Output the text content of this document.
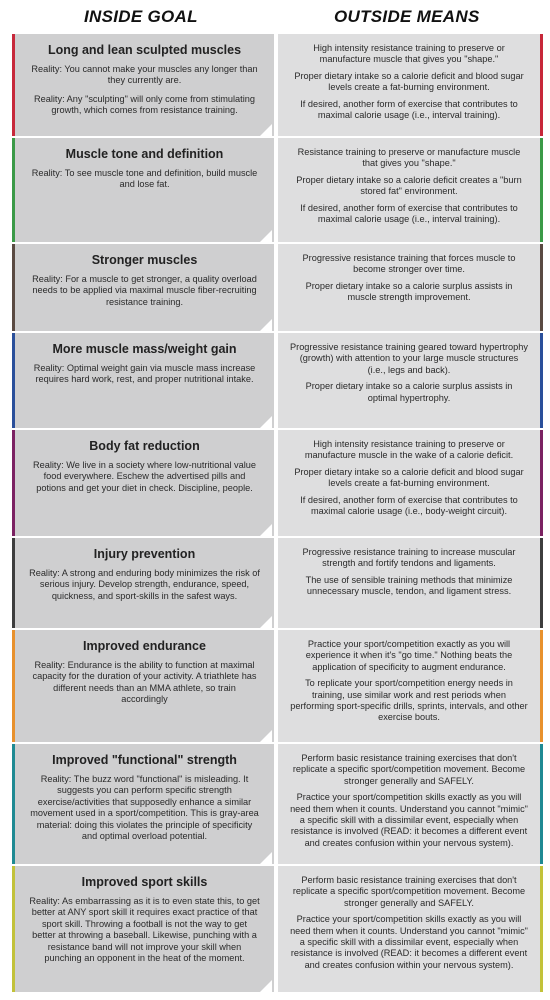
INSIDE GOAL	OUTSIDE MEANS
Long and lean sculpted muscles

Reality: You cannot make your muscles any longer than they currently are.

Reality: Any "sculpting" will only come from stimulating growth, which comes from resistance training.

High intensity resistance training to preserve or manufacture muscle that gives you "shape."

Proper dietary intake so a calorie deficit and blood sugar levels create a fat-burning environment.

If desired, another form of exercise that contributes to maximal calorie usage (i.e., interval training).

Muscle tone and definition

Reality: To see muscle tone and definition, build muscle and lose fat.

Resistance training to preserve or manufacture muscle that gives you "shape."

Proper dietary intake so a calorie deficit creates a "burn stored fat" environment.

If desired, another form of exercise that contributes to maximal calorie usage (i.e., interval training).

Stronger muscles

Reality: For a muscle to get stronger, a quality overload needs to be applied via maximal muscle fiber-recruiting resistance training.

Progressive resistance training that forces muscle to become stronger over time.

Proper dietary intake so a calorie surplus assists in muscle strength improvement.

More muscle mass/weight gain

Reality: Optimal weight gain via muscle mass increase requires hard work, rest, and proper nutritional intake.

Progressive resistance training geared toward hypertrophy (growth) with attention to your large muscle structures (i.e., legs and back).

Proper dietary intake so a calorie surplus assists in optimal hypertrophy.

Body fat reduction

Reality: We live in a society where low-nutritional value food everywhere. Eschew the advertised pills and potions and get your diet in check. Discipline, people.

High intensity resistance training to preserve or manufacture muscle in the wake of a calorie deficit.

Proper dietary intake so a calorie deficit and blood sugar levels create a fat-burning environment.

If desired, another form of exercise that contributes to maximal calorie usage (i.e., body-weight circuit).

Injury prevention

Reality: A strong and enduring body minimizes the risk of serious injury. Develop strength, endurance, speed, quickness, and sport-skills in the safest ways.

Progressive resistance training to increase muscular strength and fortify tendons and ligaments.

The use of sensible training methods that minimize unnecessary muscle, tendon, and ligament stress.

Improved endurance

Reality: Endurance is the ability to function at maximal capacity for the duration of your activity. A triathlete has different needs than an MMA athlete, so train accordingly

Practice your sport/competition exactly as you will experience it when it's "go time." Nothing beats the application of specificity to augment endurance.

To replicate your sport/competition energy needs in training, use similar work and rest periods when performing sport-specific drills, sprints, intervals, and other exercise bouts.

Improved "functional" strength

Reality: The buzz word "functional" is misleading. It suggests you can perform specific strength exercise/activities that supposedly enhance a similar movement used in a sport/competition. This is gray-area material: doing this violates the principle of specificity and optimal overload potential.

Perform basic resistance training exercises that don't replicate a specific sport/competition movement. Become stronger generally and SAFELY.

Practice your sport/competition skills exactly as you will need them when it counts. Understand you cannot "mimic" a specific skill with a dissimilar event, especially when resistance is involved (READ: it becomes a different event and creates confusion within your nervous system).

Improved sport skills

Reality: As embarrassing as it is to even state this, to get better at ANY sport skill it requires exact practice of that sport skill. Throwing a football is not the way to get better at throwing a baseball. Likewise, punching with a resistance band will not improve your skill when punching an opponent in the heat of the moment.

Perform basic resistance training exercises that don't replicate a specific sport/competition movement. Become stronger generally and SAFELY.

Practice your sport/competition skills exactly as you will need them when it counts. Understand you cannot "mimic" a specific skill with a dissimilar event, especially when resistance is involved (READ: it becomes a different event and creates confusion within your nervous system).
